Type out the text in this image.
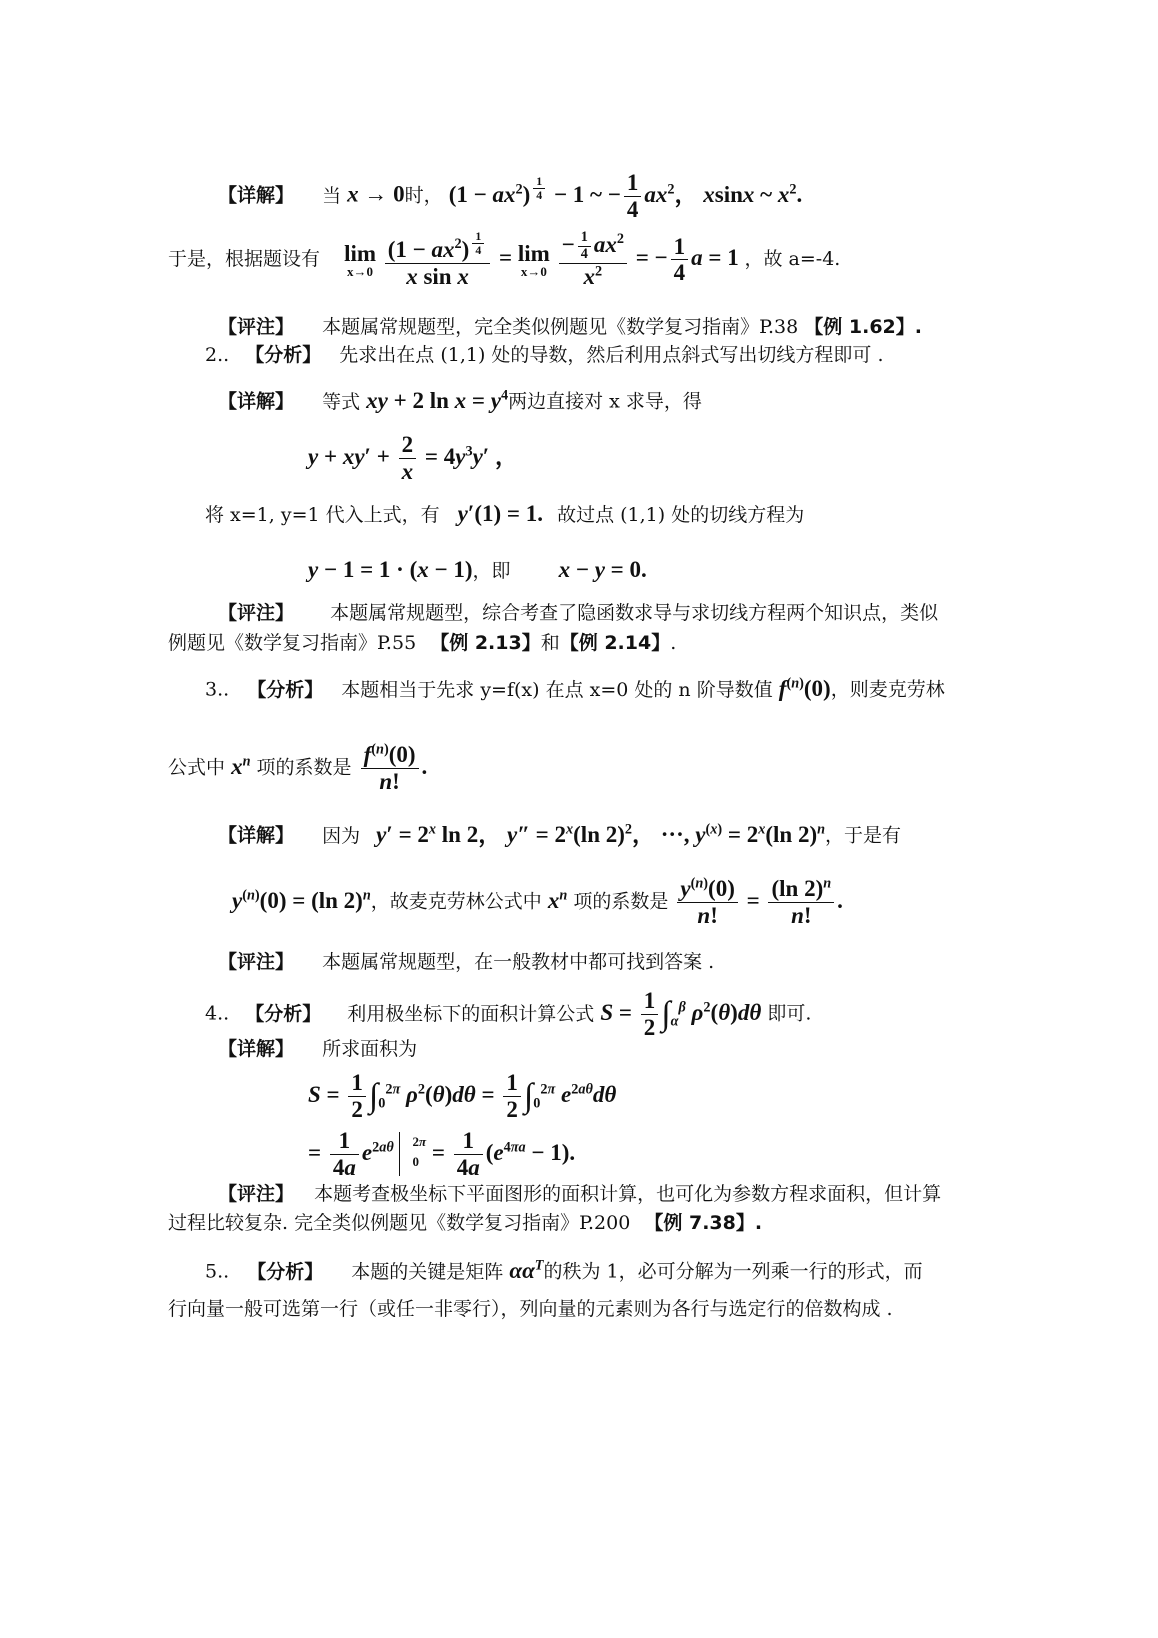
【详解】 当 x → 0时， $(1 - ax^2)$ $^{\frac{1}{4}}$ − 1 ~ − $\frac{1}{4} ax^2$， xsinx ~ $x^2$.
于是，根据题设有 lim
x→0
$(1 - ax^2)$ $^{\frac{1}{4}}$
x sin x = lim
x→0
$\frac{- \frac{1}{4} ax^2}{x^2}$ = − $\frac{1}{4}$ a = 1 ，故 a=-4.
【评注】 本题属常规题型，完全类似例题见《数学复习指南》P.38 【例 1.62】.
2.. 【分析】 先求出在点 (1,1) 处的导数，然后利用点斜式写出切线方程即可 .
【详解】 等式 xy + 2 $\ln x = y^4$两边直接对 x 求导，得
$y + xy' + \frac{2}{x} = 4y^3y'$ ，
将 x=1, y=1 代入上式，有 y′(1) = 1. 故过点 (1,1) 处的切线方程为
y − 1 = 1 · (x − 1)，即 x − y = 0.
【评注】 本题属常规题型，综合考查了隐函数求导与求切线方程两个知识点，类似
例题见《数学复习指南》P.55 【例 2.13】和【例 2.14】.
3.. 【分析】 本题相当于先求 y=f(x) 在点 x=0 处的 n 阶导数值 $f^{(n)}(0)$，则麦克劳林
公式中 $x^n$ 项的系数是 $\frac{f^{(n)}(0)}{n!}$ .
【详解】 因为 $y' = 2^x$ ln 2， $y'' = 2^x(\ln$ 2)$^2$， ···, $y^{(x)} = 2^x(\ln$ 2)$^n$，于是有
$y^{(n)}(0) = (\ln$ 2)$^n$，故麦克劳林公式中 $x^n$ 项的系数是 $\frac{y^{(n)}(0)}{n!} = \frac{(\ln 2)^n}{n!}$ .
【评注】 本题属常规题型，在一般教材中都可找到答案 .
4.. 【分析】 利用极坐标下的面积计算公式 $S = \frac{1}{2} \int_\alpha^\beta$ $\rho^2(\theta)d\theta$ 即可.
【详解】 所求面积为
$S = \frac{1}{2} \int_0^{2\pi}$ $\rho^2(\theta)d\theta = \frac{1}{2} \int_0^{2\pi}$ $e^{2a\theta}d\theta$
= $\frac{1}{4a} e^{2a\theta}$ 2π
$0 = \frac{1}{4a} (e^{4\pi a} - 1)$.
【评注】 本题考查极坐标下平面图形的面积计算，也可化为参数方程求面积，但计算
过程比较复杂. 完全类似例题见《数学复习指南》P.200 【例 7.38】.
5.. 【分析】 本题的关键是矩阵 $\alpha\alpha^T$的秩为 1，必可分解为一列乘一行的形式，而
行向量一般可选第一行（或任一非零行），列向量的元素则为各行与选定行的倍数构成 .
